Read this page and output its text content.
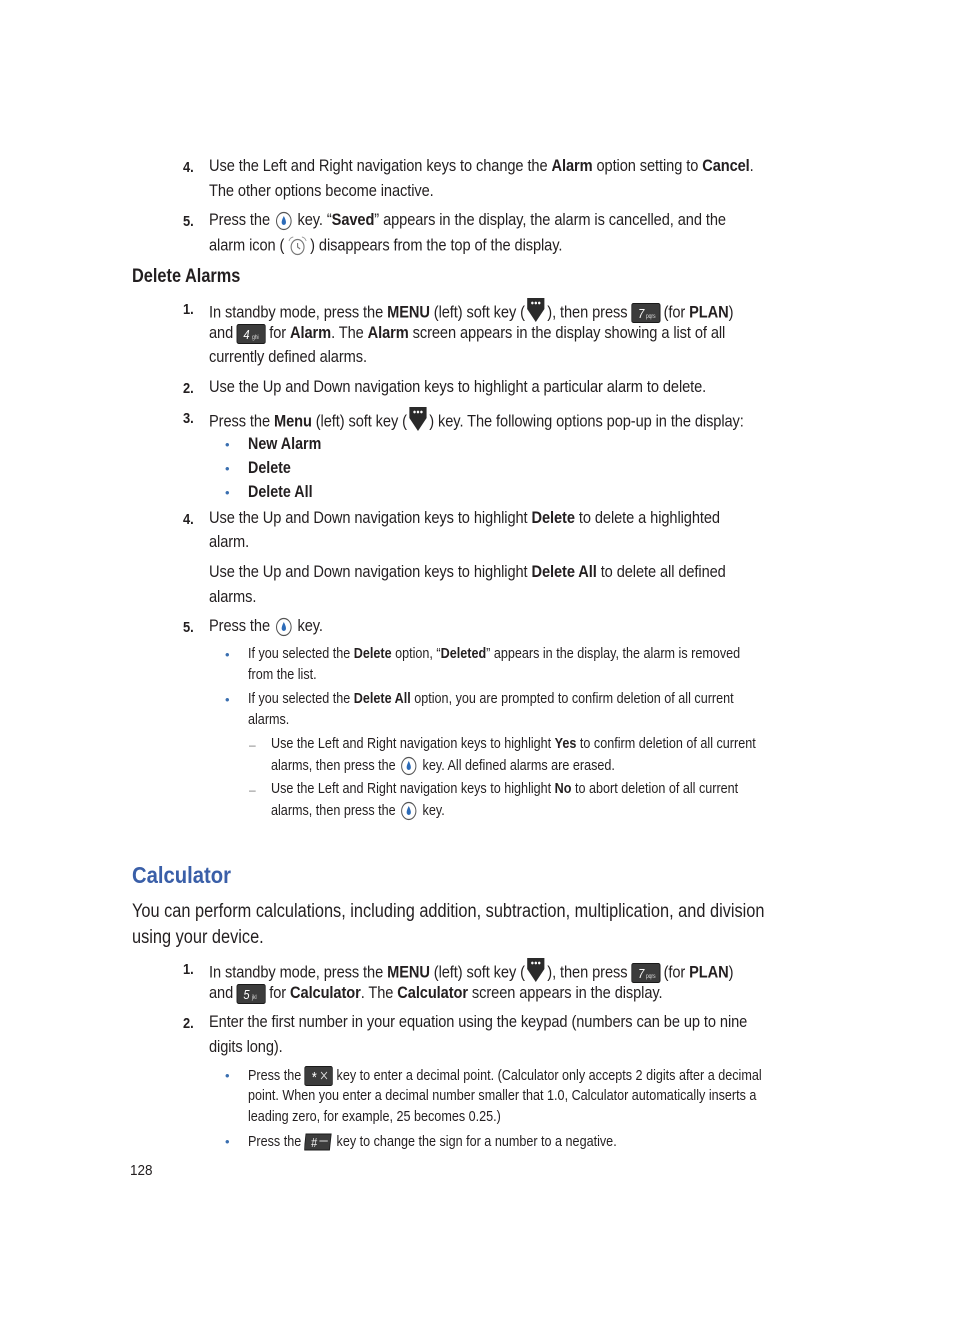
4. Use the Left and Right navigation keys to change the Alarm option setting to Cancel.
The other options become inactive.
5. Press the key. “Saved” appears in the display, the alarm is cancelled, and the
alarm icon ( ) disappears from the top of the display.
Delete Alarms
1. In standby mode, press the MENU (left) soft key ( ), then press 7 pqrs (for PLAN)
and 4 ghi for Alarm. The Alarm screen appears in the display showing a list of all
currently defined alarms.
2. Use the Up and Down navigation keys to highlight a particular alarm to delete.
3. Press the Menu (left) soft key ( ) key. The following options pop-up in the display:
• New Alarm
• Delete
• Delete All
4. Use the Up and Down navigation keys to highlight Delete to delete a highlighted
alarm.
Use the Up and Down navigation keys to highlight Delete All to delete all defined
alarms.
5. Press the key.
• If you selected the Delete option, “Deleted” appears in the display, the alarm is removed
from the list.
• If you selected the Delete All option, you are prompted to confirm deletion of all current
alarms.
– Use the Left and Right navigation keys to highlight Yes to confirm deletion of all current
alarms, then press the key. All defined alarms are erased.
– Use the Left and Right navigation keys to highlight No to abort deletion of all current
alarms, then press the key.
Calculator
You can perform calculations, including addition, subtraction, multiplication, and division
using your device.
1. In standby mode, press the MENU (left) soft key ( ), then press 7 pqrs (for PLAN)
and 5 jkl for Calculator. The Calculator screen appears in the display.
2. Enter the first number in your equation using the keypad (numbers can be up to nine
digits long).
• Press the * key to enter a decimal point. (Calculator only accepts 2 digits after a decimal
point. When you enter a decimal number smaller that 1.0, Calculator automatically inserts a
leading zero, for example, 25 becomes 0.25.)
• Press the # key to change the sign for a number to a negative.
128
